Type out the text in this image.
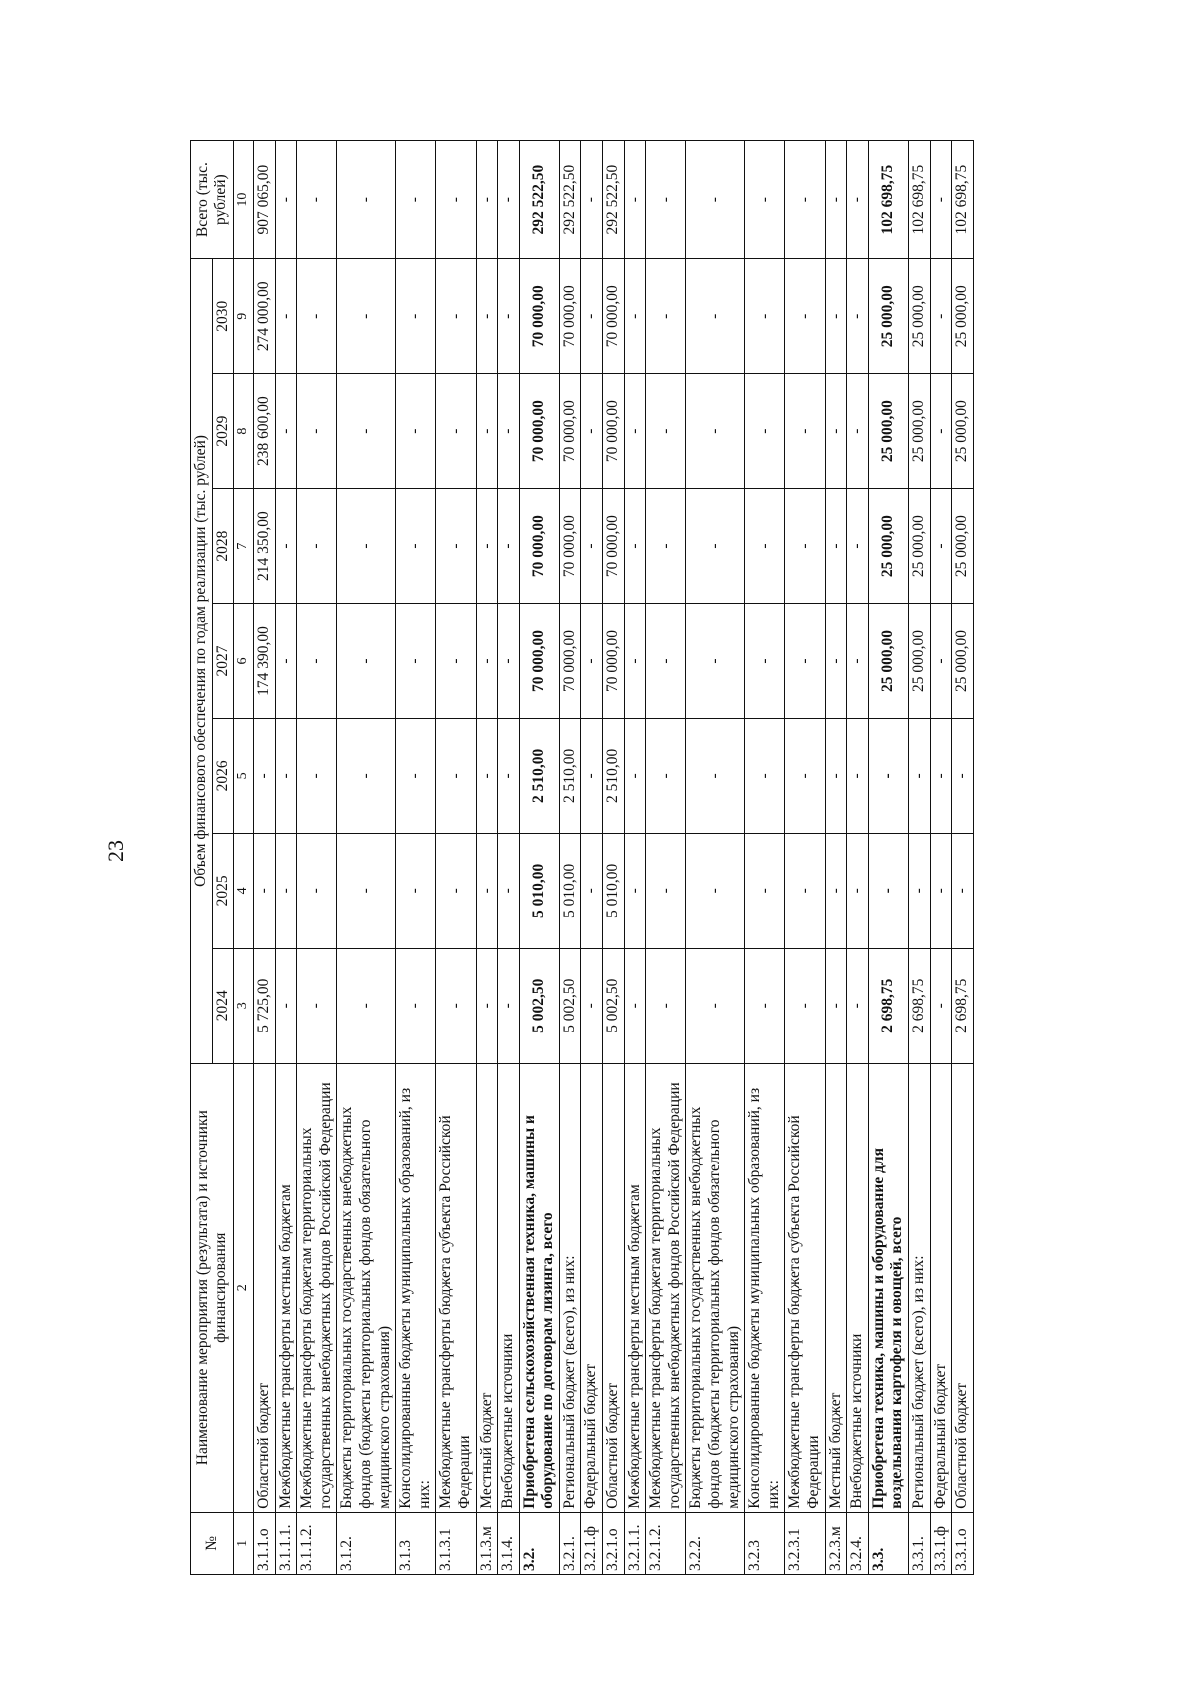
23
№	Наименование мероприятия (результата) и источники финансирования	Объем финансового обеспечения по годам реализации (тыс. рублей)							Всего (тыс. рублей)
		2024	2025	2026	2027	2028	2029	2030	
1	2	3	4	5	6	7	8	9	10
3.1.1.о	Областной бюджет	5 725,00	-	-	174 390,00	214 350,00	238 600,00	274 000,00	907 065,00
3.1.1.1.	Межбюджетные трансферты местным бюджетам	-	-	-	-	-	-	-	-
3.1.1.2.	Межбюджетные трансферты бюджетам территориальных государственных внебюджетных фондов Российской Федерации	-	-	-	-	-	-	-	-
3.1.2.	Бюджеты территориальных государственных внебюджетных фондов (бюджеты территориальных фондов обязательного медицинского страхования)	-	-	-	-	-	-	-	-
3.1.3	Консолидированные бюджеты муниципальных образований, из них:	-	-	-	-	-	-	-	-
3.1.3.1	Межбюджетные трансферты бюджета субъекта Российской Федерации	-	-	-	-	-	-	-	-
3.1.3.м	Местный бюджет	-	-	-	-	-	-	-	-
3.1.4.	Внебюджетные источники	-	-	-	-	-	-	-	-
3.2.	Приобретена сельскохозяйственная техника, машины и оборудование по договорам лизинга, всего	5 002,50	5 010,00	2 510,00	70 000,00	70 000,00	70 000,00	70 000,00	292 522,50
3.2.1.	Региональный бюджет (всего), из них:	5 002,50	5 010,00	2 510,00	70 000,00	70 000,00	70 000,00	70 000,00	292 522,50
3.2.1.ф	Федеральный бюджет	-	-	-	-	-	-	-	-
3.2.1.о	Областной бюджет	5 002,50	5 010,00	2 510,00	70 000,00	70 000,00	70 000,00	70 000,00	292 522,50
3.2.1.1.	Межбюджетные трансферты местным бюджетам	-	-	-	-	-	-	-	-
3.2.1.2.	Межбюджетные трансферты бюджетам территориальных государственных внебюджетных фондов Российской Федерации	-	-	-	-	-	-	-	-
3.2.2.	Бюджеты территориальных государственных внебюджетных фондов (бюджеты территориальных фондов обязательного медицинского страхования)	-	-	-	-	-	-	-	-
3.2.3	Консолидированные бюджеты муниципальных образований, из них:	-	-	-	-	-	-	-	-
3.2.3.1	Межбюджетные трансферты бюджета субъекта Российской Федерации	-	-	-	-	-	-	-	-
3.2.3.м	Местный бюджет	-	-	-	-	-	-	-	-
3.2.4.	Внебюджетные источники	-	-	-	-	-	-	-	-
3.3.	Приобретена техника, машины и оборудование для возделывания картофеля и овощей, всего	2 698,75	-	-	25 000,00	25 000,00	25 000,00	25 000,00	102 698,75
3.3.1.	Региональный бюджет (всего), из них:	2 698,75	-	-	25 000,00	25 000,00	25 000,00	25 000,00	102 698,75
3.3.1.ф	Федеральный бюджет	-	-	-	-	-	-	-	-
3.3.1.о	Областной бюджет	2 698,75	-	-	25 000,00	25 000,00	25 000,00	25 000,00	102 698,75
